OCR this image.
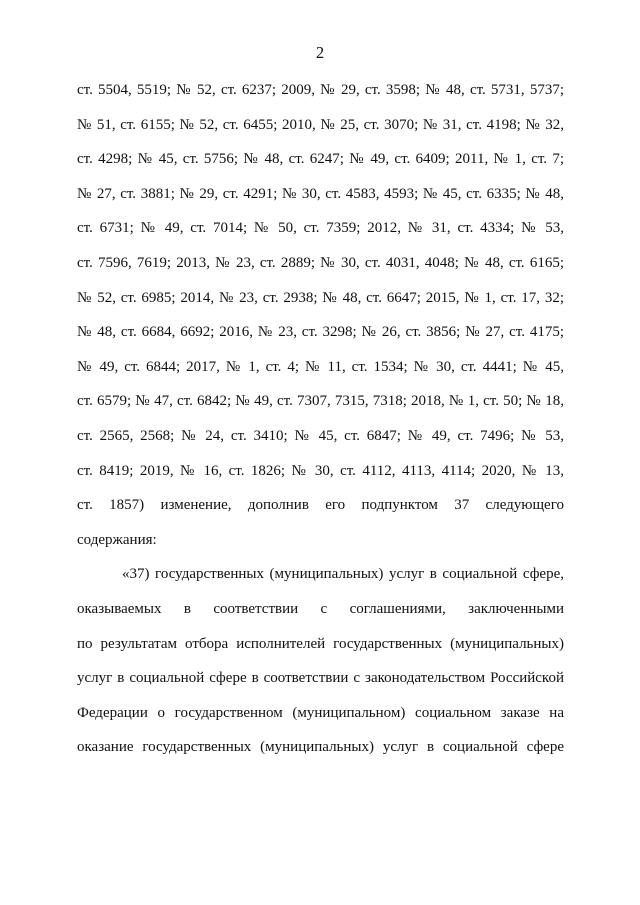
2
ст. 5504, 5519; № 52, ст. 6237; 2009, № 29, ст. 3598; № 48, ст. 5731, 5737;
№ 51, ст. 6155; № 52, ст. 6455; 2010, № 25, ст. 3070; № 31, ст. 4198; № 32,
ст. 4298; № 45, ст. 5756; № 48, ст. 6247; № 49, ст. 6409; 2011, № 1, ст. 7;
№ 27, ст. 3881; № 29, ст. 4291; № 30, ст. 4583, 4593; № 45, ст. 6335; № 48,
ст. 6731; № 49, ст. 7014; № 50, ст. 7359; 2012, № 31, ст. 4334; № 53,
ст. 7596, 7619; 2013, № 23, ст. 2889; № 30, ст. 4031, 4048; № 48, ст. 6165;
№ 52, ст. 6985; 2014, № 23, ст. 2938; № 48, ст. 6647; 2015, № 1, ст. 17, 32;
№ 48, ст. 6684, 6692; 2016, № 23, ст. 3298; № 26, ст. 3856; № 27, ст. 4175;
№ 49, ст. 6844; 2017, № 1, ст. 4; № 11, ст. 1534; № 30, ст. 4441; № 45,
ст. 6579; № 47, ст. 6842; № 49, ст. 7307, 7315, 7318; 2018, № 1, ст. 50; № 18,
ст. 2565, 2568; № 24, ст. 3410; № 45, ст. 6847; № 49, ст. 7496; № 53,
ст. 8419; 2019, № 16, ст. 1826; № 30, ст. 4112, 4113, 4114; 2020, № 13,
ст. 1857) изменение, дополнив его подпунктом 37 следующего
содержания:
«37) государственных (муниципальных) услуг в социальной сфере,
оказываемых в соответствии с соглашениями, заключенными
по результатам отбора исполнителей государственных (муниципальных)
услуг в социальной сфере в соответствии с законодательством Российской
Федерации о государственном (муниципальном) социальном заказе на
оказание государственных (муниципальных) услуг в социальной сфере
